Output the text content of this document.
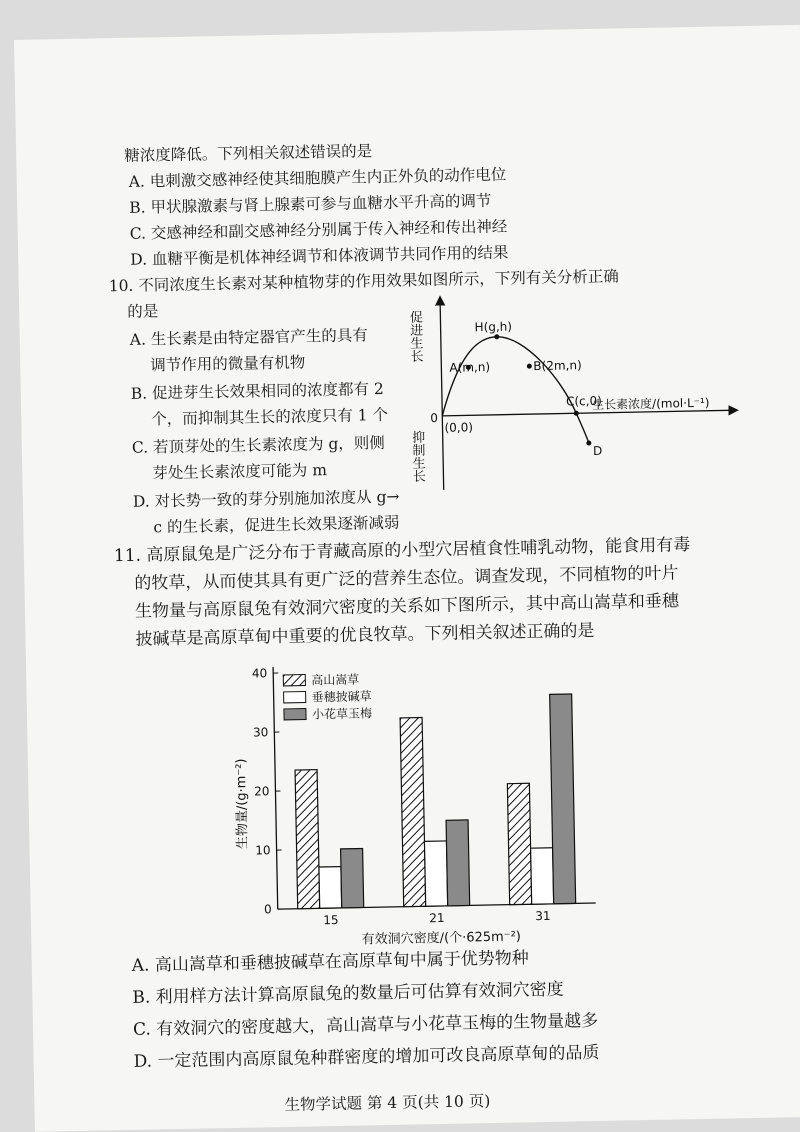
糖浓度降低。下列相关叙述错误的是
A. 电刺激交感神经使其细胞膜产生内正外负的动作电位
B. 甲状腺激素与肾上腺素可参与血糖水平升高的调节
C. 交感神经和副交感神经分别属于传入神经和传出神经
D. 血糖平衡是机体神经调节和体液调节共同作用的结果
10. 不同浓度生长素对某种植物芽的作用效果如图所示，下列有关分析正确
的是
A. 生长素是由特定器官产生的具有
调节作用的微量有机物
B. 促进芽生长效果相同的浓度都有 2
个，而抑制其生长的浓度只有 1 个
C. 若顶芽处的生长素浓度为 g，则侧
芽处生长素浓度可能为 m
D. 对长势一致的芽分别施加浓度从 g→
c 的生长素，促进生长效果逐渐减弱
H(g,h)
A(m,n)	B(2m,n)
C(c,0)
D
(0,0)
0
生长素浓度/(mol·L⁻¹)
促进生长
抑制生长
11. 高原鼠兔是广泛分布于青藏高原的小型穴居植食性哺乳动物，能食用有毒
的牧草，从而使其具有更广泛的营养生态位。调查发现，不同植物的叶片
生物量与高原鼠兔有效洞穴密度的关系如下图所示，其中高山嵩草和垂穗
披碱草是高原草甸中重要的优良牧草。下列相关叙述正确的是
生物量/(g·m⁻²)
有效洞穴密度/(个·625m⁻²)
0
10
20
30
40
15	21	31
高山嵩草
垂穗披碱草
小花草玉梅
A. 高山嵩草和垂穗披碱草在高原草甸中属于优势物种
B. 利用样方法计算高原鼠兔的数量后可估算有效洞穴密度
C. 有效洞穴的密度越大，高山嵩草与小花草玉梅的生物量越多
D. 一定范围内高原鼠兔种群密度的增加可改良高原草甸的品质
生物学试题 第 4 页(共 10 页)
